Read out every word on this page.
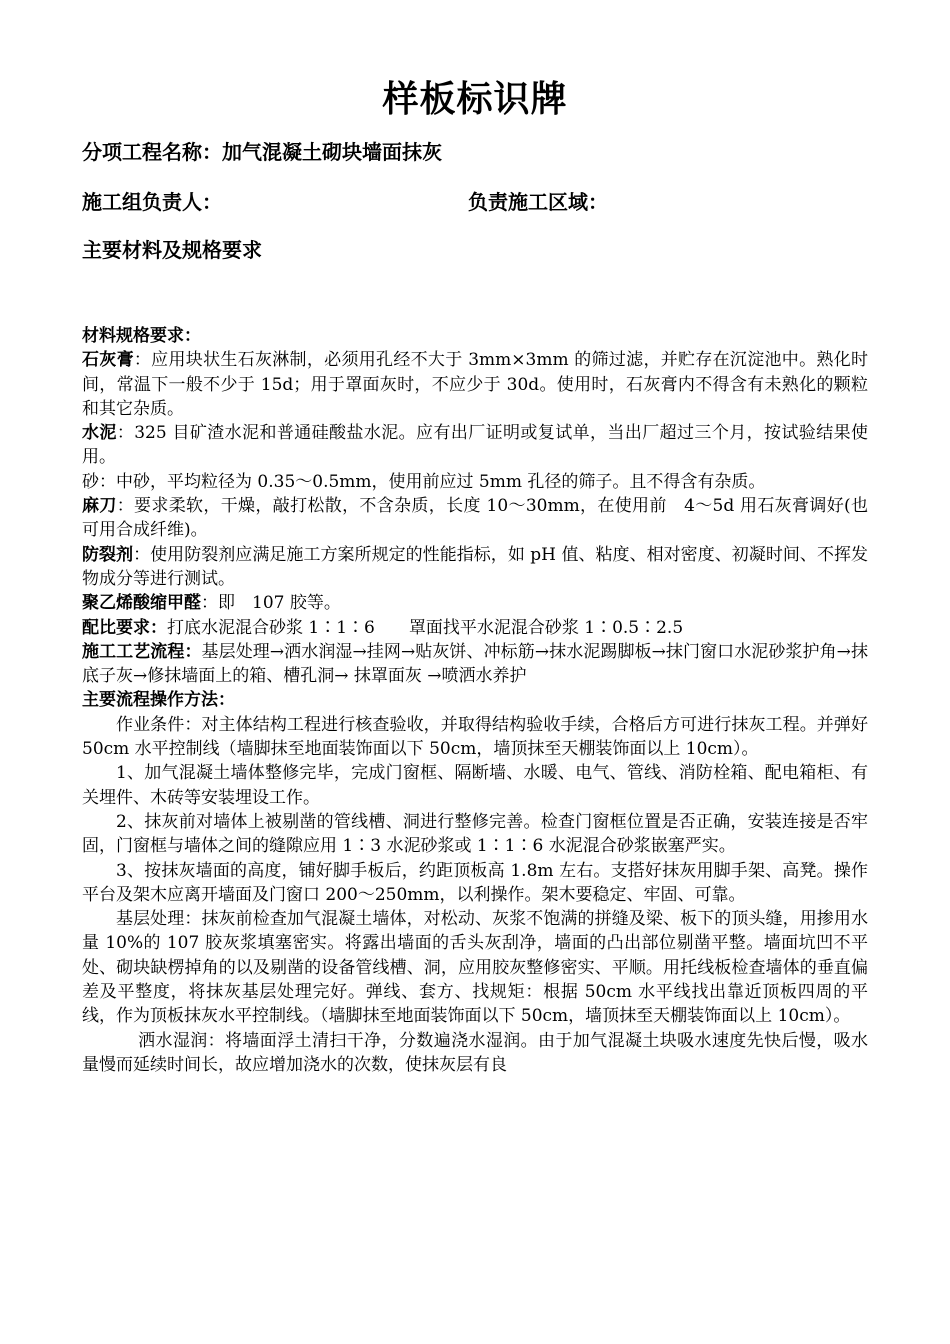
样板标识牌
分项工程名称：加气混凝土砌块墙面抹灰
施工组负责人：	负责施工区域：
主要材料及规格要求

材料规格要求：

石灰膏：应用块状生石灰淋制，必须用孔经不大于 3mm×3mm 的筛过滤，并贮存在沉淀池中。熟化时间，常温下一般不少于 15d；用于罩面灰时，不应少于 30d。使用时，石灰膏内不得含有未熟化的颗粒和其它杂质。

水泥：325 目矿渣水泥和普通硅酸盐水泥。应有出厂证明或复试单，当出厂超过三个月，按试验结果使用。

砂：中砂，平均粒径为 0.35～0.5mm，使用前应过 5mm 孔径的筛子。且不得含有杂质。

麻刀：要求柔软，干燥，敲打松散，不含杂质，长度 10～30mm，在使用前　4～5d 用石灰膏调好(也可用合成纤维)。

防裂剂：使用防裂剂应满足施工方案所规定的性能指标，如 pH 值、粘度、相对密度、初凝时间、不挥发物成分等进行测试。

聚乙烯酸缩甲醛：即　107 胶等。

配比要求：打底水泥混合砂浆 1∶1∶6　　罩面找平水泥混合砂浆 1∶0.5∶2.5

施工工艺流程：基层处理→洒水润湿→挂网→贴灰饼、冲标筋→抹水泥踢脚板→抹门窗口水泥砂浆护角→抹底子灰→修抹墙面上的箱、槽孔洞→ 抹罩面灰 →喷洒水养护

主要流程操作方法：

作业条件：对主体结构工程进行核查验收，并取得结构验收手续，合格后方可进行抹灰工程。并弹好 50cm 水平控制线（墙脚抹至地面装饰面以下 50cm，墙顶抹至天棚装饰面以上 10cm）。

1、加气混凝土墙体整修完毕，完成门窗框、隔断墙、水暖、电气、管线、消防栓箱、配电箱柜、有关埋件、木砖等安装埋设工作。

2、抹灰前对墙体上被剔凿的管线槽、洞进行整修完善。检查门窗框位置是否正确，安装连接是否牢固，门窗框与墙体之间的缝隙应用 1∶3 水泥砂浆或 1∶1∶6 水泥混合砂浆嵌塞严实。

3、按抹灰墙面的高度，铺好脚手板后，约距顶板高 1.8m 左右。支搭好抹灰用脚手架、高凳。操作平台及架木应离开墙面及门窗口 200～250mm，以利操作。架木要稳定、牢固、可靠。

基层处理：抹灰前检查加气混凝土墙体，对松动、灰浆不饱满的拼缝及梁、板下的顶头缝，用掺用水量 10%的 107 胶灰浆填塞密实。将露出墙面的舌头灰刮净，墙面的凸出部位剔凿平整。墙面坑凹不平处、砌块缺楞掉角的以及剔凿的设备管线槽、洞，应用胶灰整修密实、平顺。用托线板检查墙体的垂直偏差及平整度，将抹灰基层处理完好。弹线、套方、找规矩：根据 50cm 水平线找出靠近顶板四周的平线，作为顶板抹灰水平控制线。（墙脚抹至地面装饰面以下 50cm，墙顶抹至天棚装饰面以上 10cm）。

洒水湿润：将墙面浮土清扫干净，分数遍浇水湿润。由于加气混凝土块吸水速度先快后慢，吸水量慢而延续时间长，故应增加浇水的次数，使抹灰层有良
